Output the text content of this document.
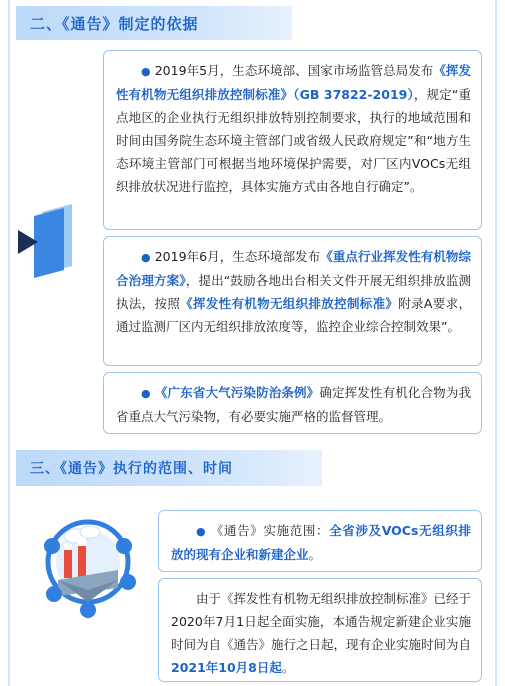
二、《通告》制定的依据

● 2019年5月，生态环境部、国家市场监管总局发布《挥发性有机物无组织排放控制标准》（GB 37822-2019），规定“重点地区的企业执行无组织排放特别控制要求，执行的地域范围和时间由国务院生态环境主管部门或省级人民政府规定”和“地方生态环境主管部门可根据当地环境保护需要，对厂区内VOCs无组织排放状况进行监控，具体实施方式由各地自行确定”。

● 2019年6月，生态环境部发布《重点行业挥发性有机物综合治理方案》，提出“鼓励各地出台相关文件开展无组织排放监测执法，按照《挥发性有机物无组织排放控制标准》附录A要求，通过监测厂区内无组织排放浓度等，监控企业综合控制效果”。

● 《广东省大气污染防治条例》确定挥发性有机化合物为我省重点大气污染物，有必要实施严格的监督管理。

三、《通告》执行的范围、时间

● 《通告》实施范围：全省涉及VOCs无组织排放的现有企业和新建企业。

由于《挥发性有机物无组织排放控制标准》已经于2020年7月1日起全面实施，本通告规定新建企业实施时间为自《通告》施行之日起，现有企业实施时间为自2021年10月8日起。
